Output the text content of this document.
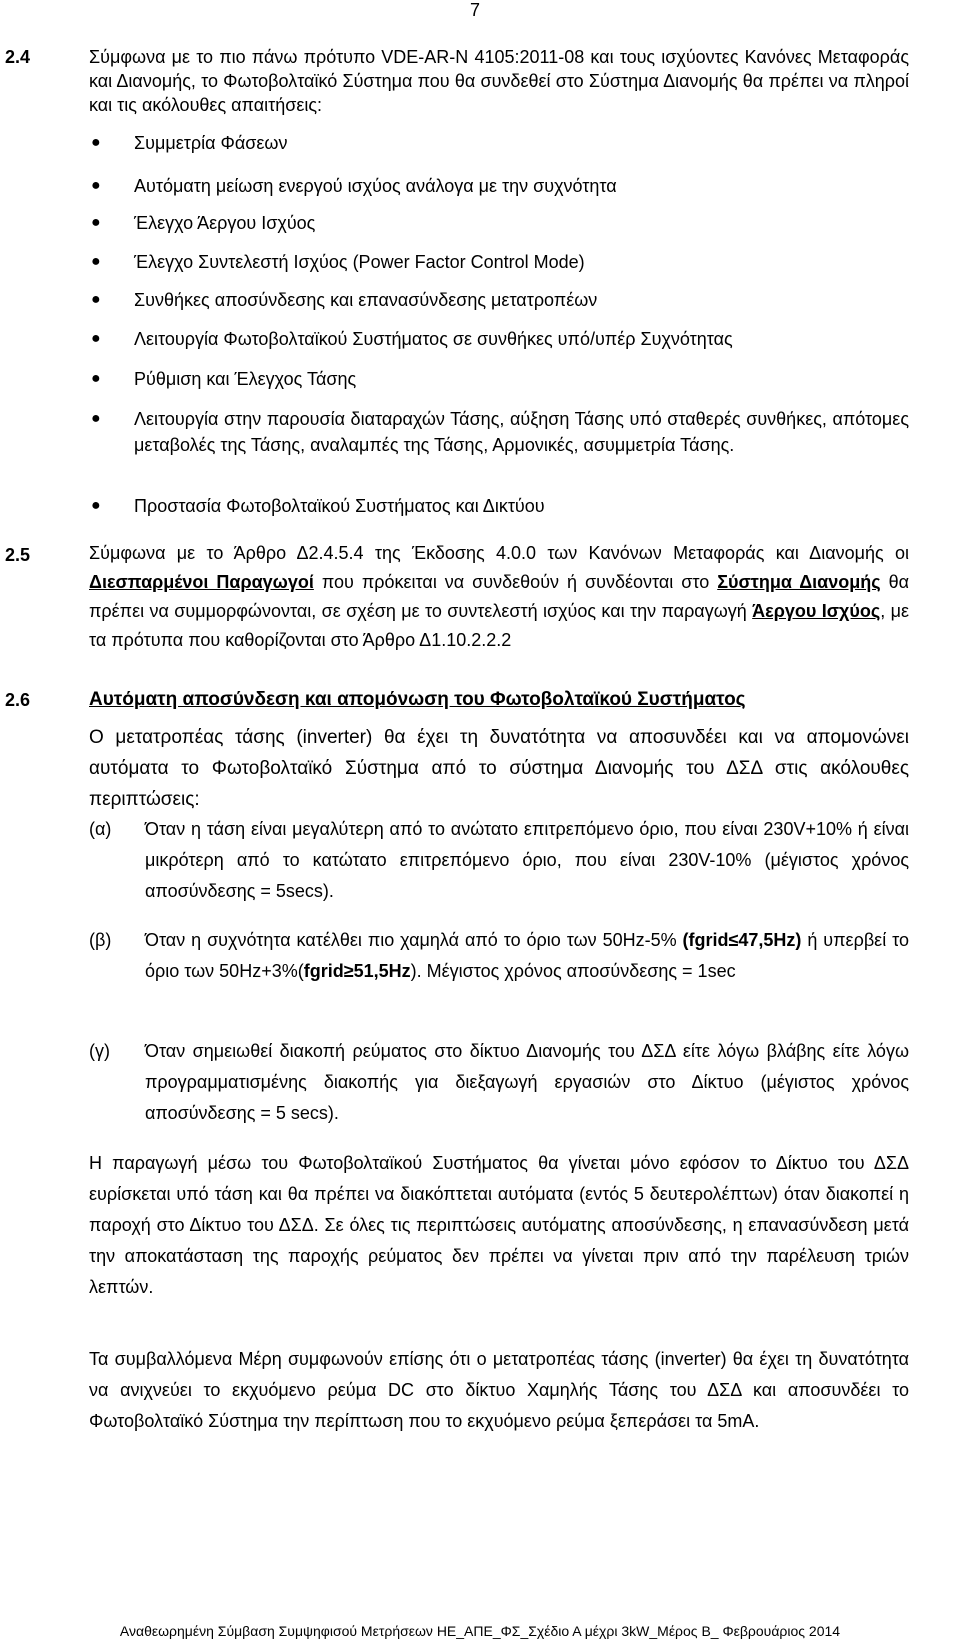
7
2.4	Σύμφωνα με το πιο πάνω πρότυπο VDE-AR-N 4105:2011-08 και τους ισχύοντες Κανόνες Μεταφοράς και Διανομής, το Φωτοβολταϊκό Σύστημα που θα συνδεθεί στο Σύστημα Διανομής θα πρέπει να πληροί και τις ακόλουθες απαιτήσεις:
● Συμμετρία Φάσεων
● Αυτόματη μείωση ενεργού ισχύος ανάλογα με την συχνότητα
● Έλεγχο Άεργου Ισχύος
● Έλεγχο Συντελεστή Ισχύος (Power Factor Control Mode)
● Συνθήκες αποσύνδεσης και επανασύνδεσης μετατροπέων
● Λειτουργία Φωτοβολταϊκού Συστήματος σε συνθήκες υπό/υπέρ Συχνότητας
● Ρύθμιση και Έλεγχος Τάσης
● Λειτουργία στην παρουσία διαταραχών Τάσης, αύξηση Τάσης υπό σταθερές συνθήκες, απότομες μεταβολές της Τάσης, αναλαμπές της Τάσης, Αρμονικές, ασυμμετρία Τάσης.
● Προστασία Φωτοβολταϊκού Συστήματος και Δικτύου
2.5	Σύμφωνα με το Άρθρο Δ2.4.5.4 της Έκδοσης 4.0.0 των Κανόνων Μεταφοράς και Διανομής οι Διεσπαρμένοι Παραγωγοί που πρόκειται να συνδεθούν ή συνδέονται στο Σύστημα Διανομής θα πρέπει να συμμορφώνονται, σε σχέση με το συντελεστή ισχύος και την παραγωγή Άεργου Ισχύος, με τα πρότυπα που καθορίζονται στο Άρθρο Δ1.10.2.2.2
2.6	Αυτόματη αποσύνδεση και απομόνωση του Φωτοβολταϊκού Συστήματος
Ο μετατροπέας τάσης (inverter) θα έχει τη δυνατότητα να αποσυνδέει και να απομονώνει αυτόματα το Φωτοβολταϊκό Σύστημα από το σύστημα Διανομής του ΔΣΔ στις ακόλουθες περιπτώσεις:
(α) Όταν η τάση είναι μεγαλύτερη από το ανώτατο επιτρεπόμενο όριο, που είναι 230V+10% ή είναι μικρότερη από το κατώτατο επιτρεπόμενο όριο, που είναι 230V-10% (μέγιστος χρόνος αποσύνδεσης = 5secs).
(β) Όταν η συχνότητα κατέλθει πιο χαμηλά από το όριο των 50Hz-5% (fgrid≤47,5Hz) ή υπερβεί το όριο των 50Hz+3%(fgrid≥51,5Hz). Μέγιστος χρόνος αποσύνδεσης = 1sec
(γ) Όταν σημειωθεί διακοπή ρεύματος στο δίκτυο Διανομής του ΔΣΔ είτε λόγω βλάβης είτε λόγω προγραμματισμένης διακοπής για διεξαγωγή εργασιών στο Δίκτυο (μέγιστος χρόνος αποσύνδεσης = 5 secs).
Η παραγωγή μέσω του Φωτοβολταϊκού Συστήματος θα γίνεται μόνο εφόσον το Δίκτυο του ΔΣΔ ευρίσκεται υπό τάση και θα πρέπει να διακόπτεται αυτόματα (εντός 5 δευτερολέπτων) όταν διακοπεί η παροχή στο Δίκτυο του ΔΣΔ. Σε όλες τις περιπτώσεις αυτόματης αποσύνδεσης, η επανασύνδεση μετά την αποκατάσταση της παροχής ρεύματος δεν πρέπει να γίνεται πριν από την παρέλευση τριών λεπτών.
Τα συμβαλλόμενα Μέρη συμφωνούν επίσης ότι ο μετατροπέας τάσης (inverter) θα έχει τη δυνατότητα να ανιχνεύει το εκχυόμενο ρεύμα DC στο δίκτυο Χαμηλής Τάσης του ΔΣΔ και αποσυνδέει το Φωτοβολταϊκό Σύστημα την περίπτωση που το εκχυόμενο ρεύμα ξεπεράσει τα 5mA.
Αναθεωρημένη Σύμβαση Συμψηφισού Μετρήσεων ΗΕ_ΑΠΕ_ΦΣ_Σχέδιο Α μέχρι 3kW_Μέρος Β_ Φεβρουάριος 2014
